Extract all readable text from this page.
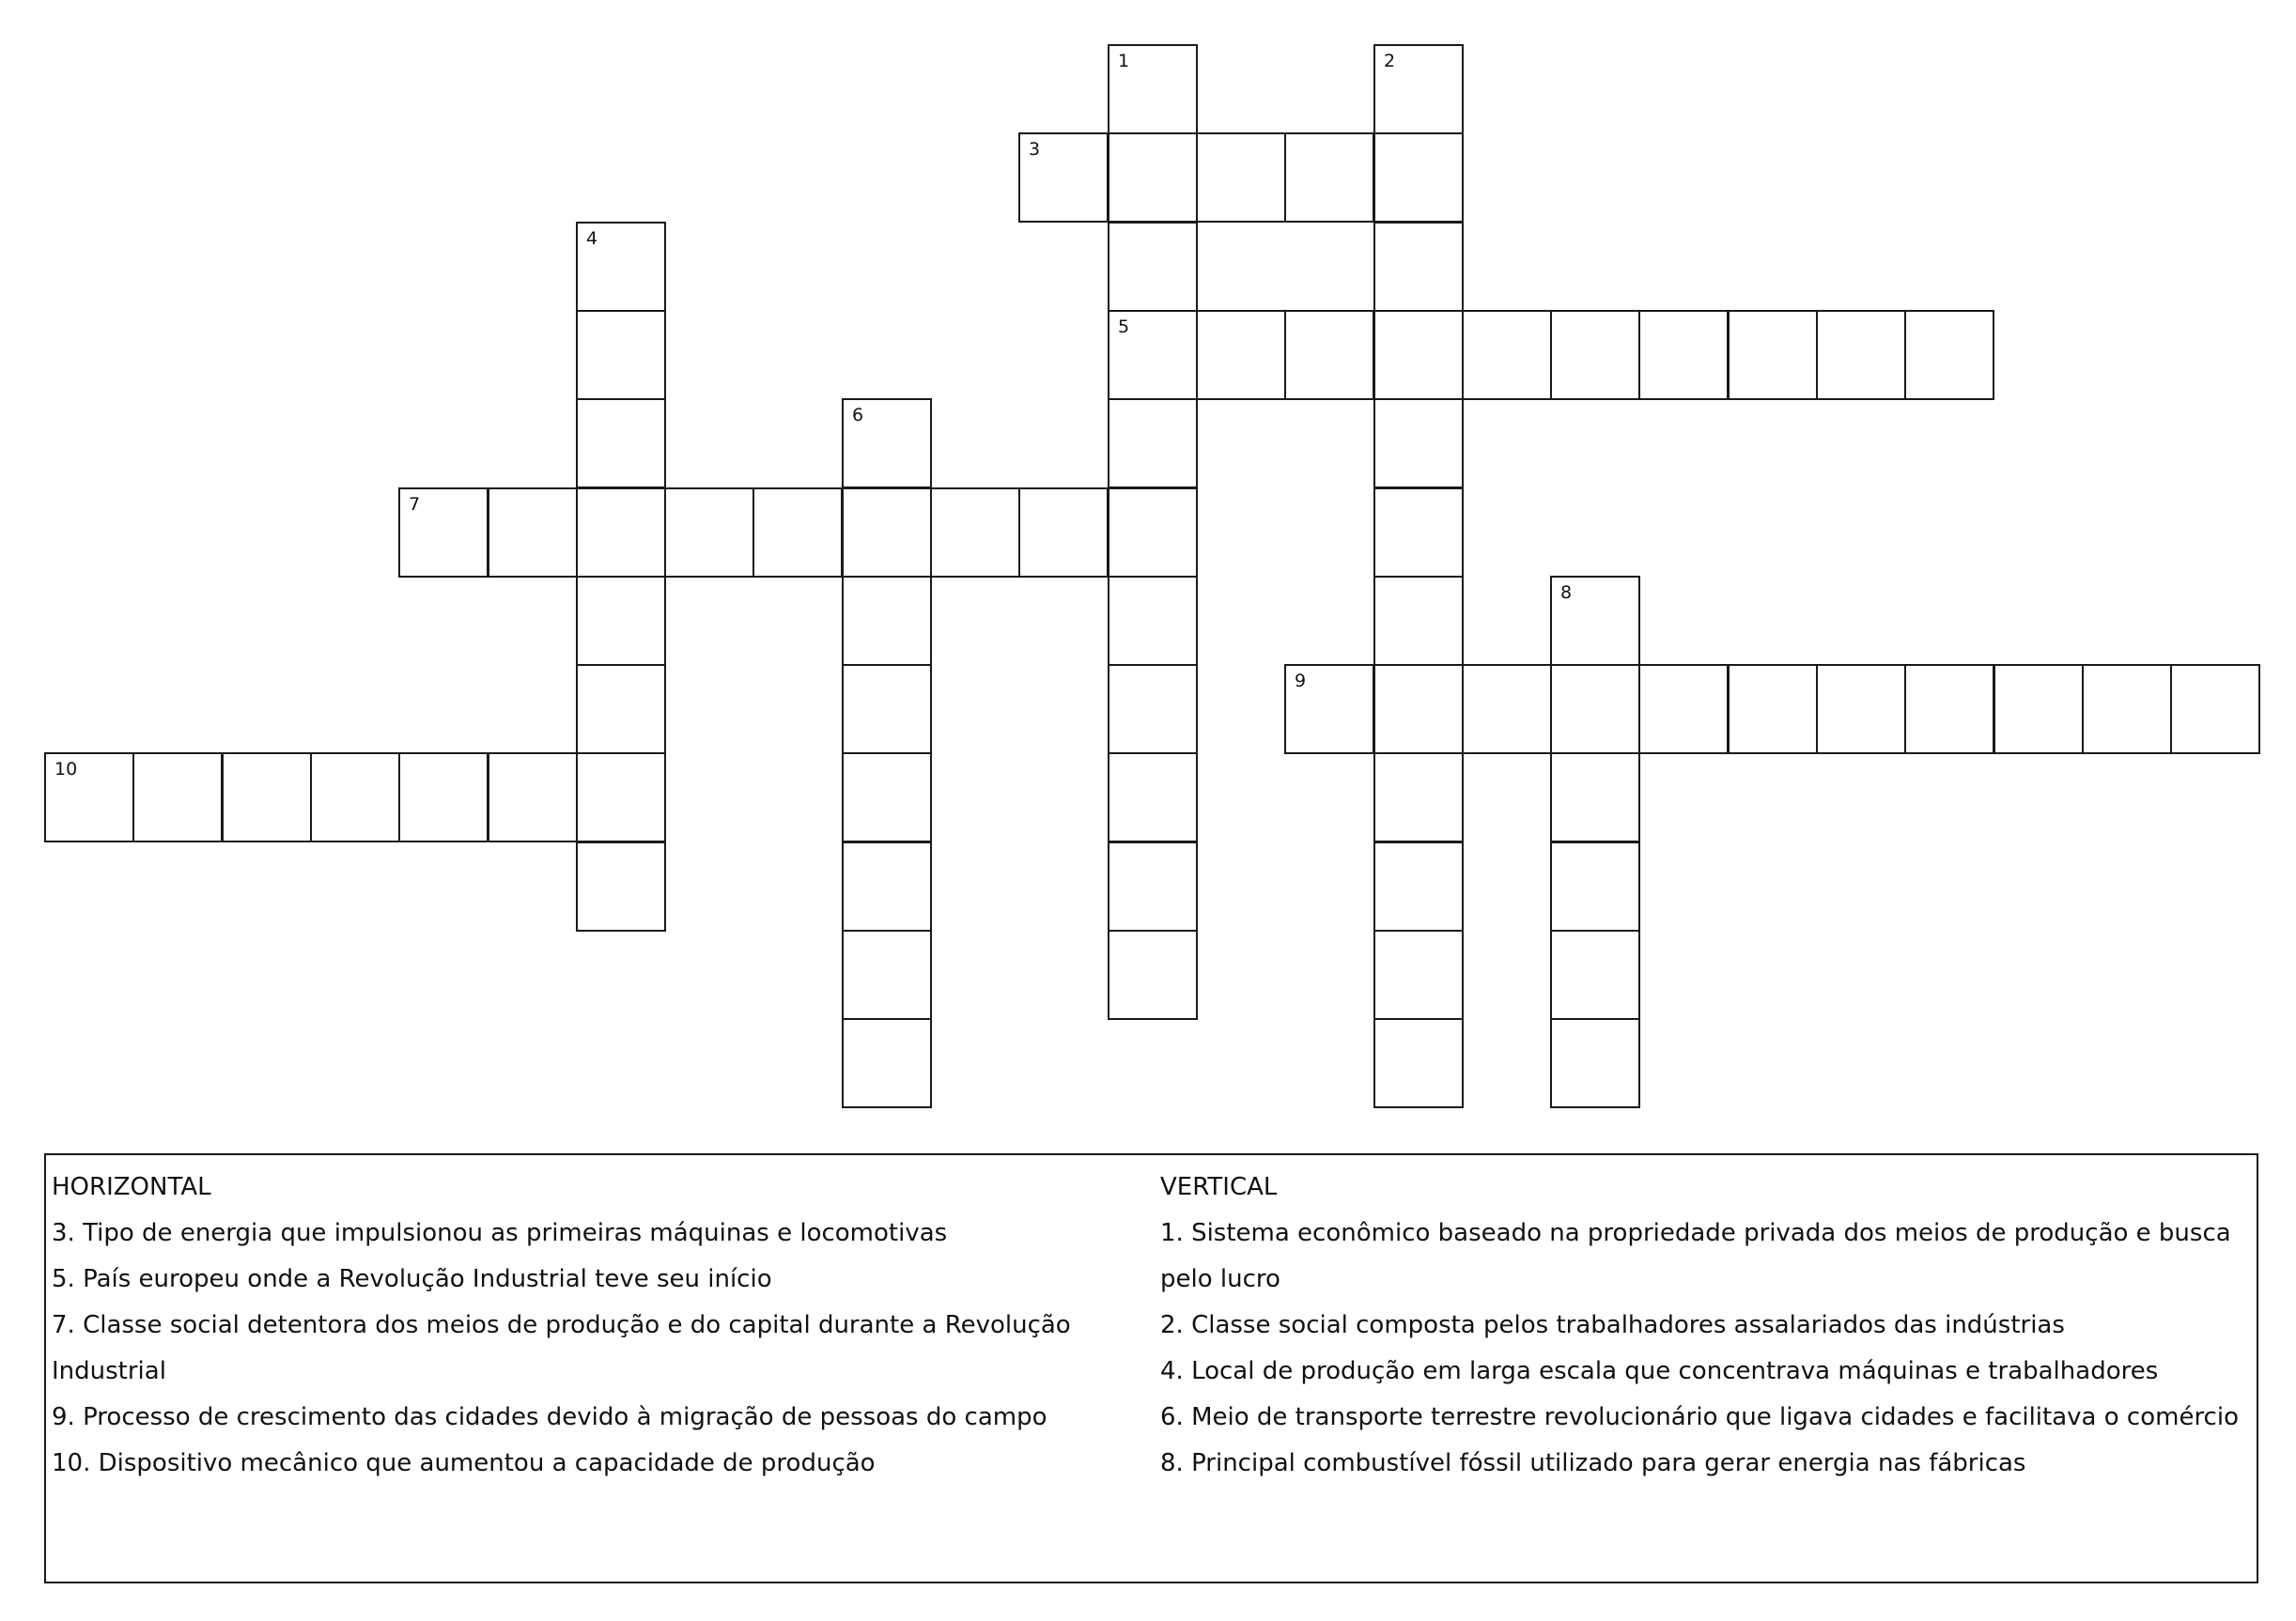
1
5
2
3
4
6
7
8
9
10
HORIZONTAL
3. Tipo de energia que impulsionou as primeiras máquinas e locomotivas
5. País europeu onde a Revolução Industrial teve seu início
7. Classe social detentora dos meios de produção e do capital durante a Revolução Industrial
9. Processo de crescimento das cidades devido à migração de pessoas do campo
10. Dispositivo mecânico que aumentou a capacidade de produção
VERTICAL
1. Sistema econômico baseado na propriedade privada dos meios de produção e busca pelo lucro
2. Classe social composta pelos trabalhadores assalariados das indústrias
4. Local de produção em larga escala que concentrava máquinas e trabalhadores
6. Meio de transporte terrestre revolucionário que ligava cidades e facilitava o comércio
8. Principal combustível fóssil utilizado para gerar energia nas fábricas
